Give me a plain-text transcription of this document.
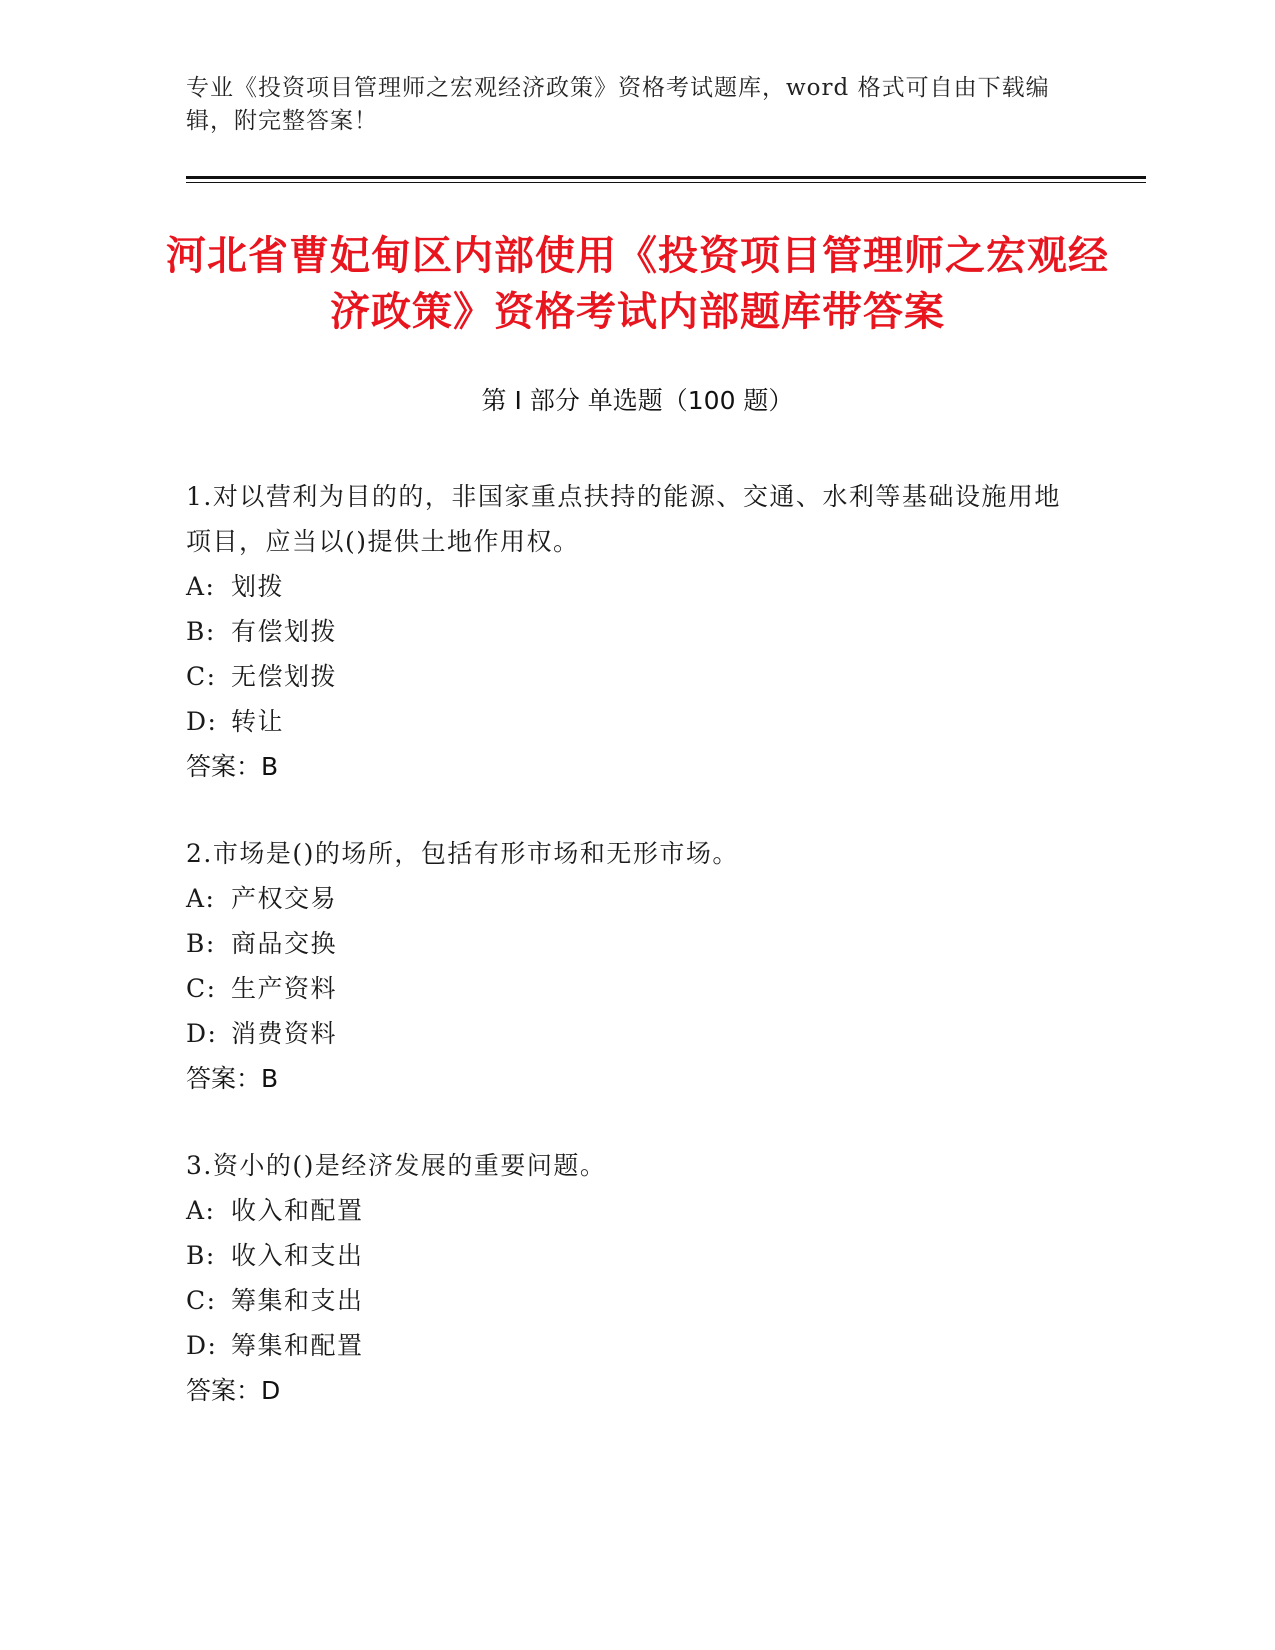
专业《投资项目管理师之宏观经济政策》资格考试题库，word 格式可自由下载编辑，附完整答案！
河北省曹妃甸区内部使用《投资项目管理师之宏观经济政策》资格考试内部题库带答案
第 I 部分 单选题（100 题）
1.对以营利为目的的，非国家重点扶持的能源、交通、水利等基础设施用地项目，应当以()提供土地作用权。
A: 划拨
B: 有偿划拨
C: 无偿划拨
D: 转让
答案：B
2.市场是()的场所，包括有形市场和无形市场。
A: 产权交易
B: 商品交换
C: 生产资料
D: 消费资料
答案：B
3.资小的()是经济发展的重要问题。
A: 收入和配置
B: 收入和支出
C: 筹集和支出
D: 筹集和配置
答案：D
